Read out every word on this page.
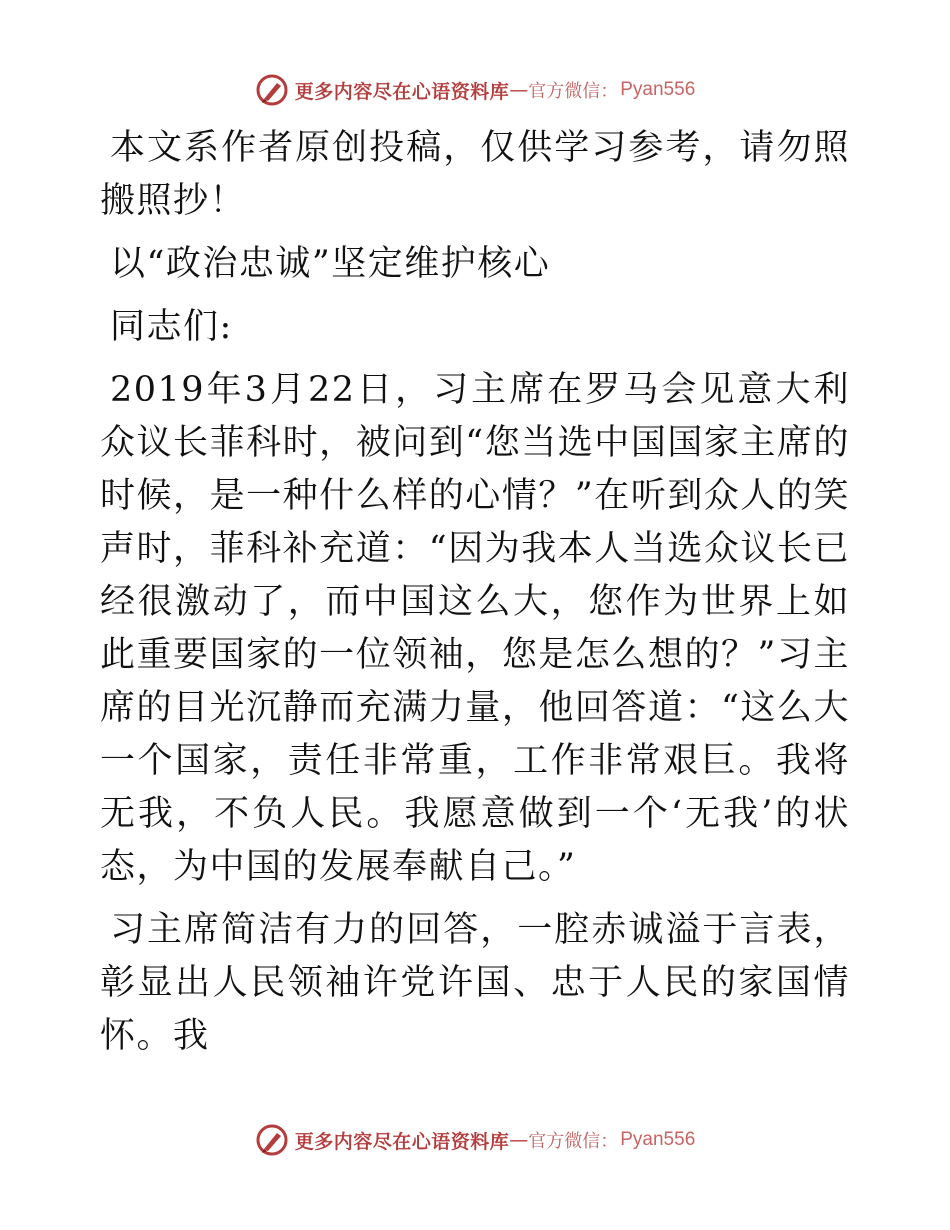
更多内容尽在心语资料库 — 官方微信： Pyan556

本文系作者原创投稿，仅供学习参考，请勿照搬照抄！

以“政治忠诚”坚定维护核心

同志们:

2019年3月22日，习主席在罗马会见意大利众议长菲科时，被问到“您当选中国国家主席的时候，是一种什么样的心情？”在听到众人的笑声时，菲科补充道：“因为我本人当选众议长已经很激动了，而中国这么大，您作为世界上如此重要国家的一位领袖，您是怎么想的？”习主席的目光沉静而充满力量，他回答道：“这么大一个国家，责任非常重，工作非常艰巨。我将无我，不负人民。我愿意做到一个‘无我’的状态，为中国的发展奉献自己。”

习主席简洁有力的回答，一腔赤诚溢于言表，彰显出人民领袖许党许国、忠于人民的家国情怀。我

更多内容尽在心语资料库 — 官方微信： Pyan556
